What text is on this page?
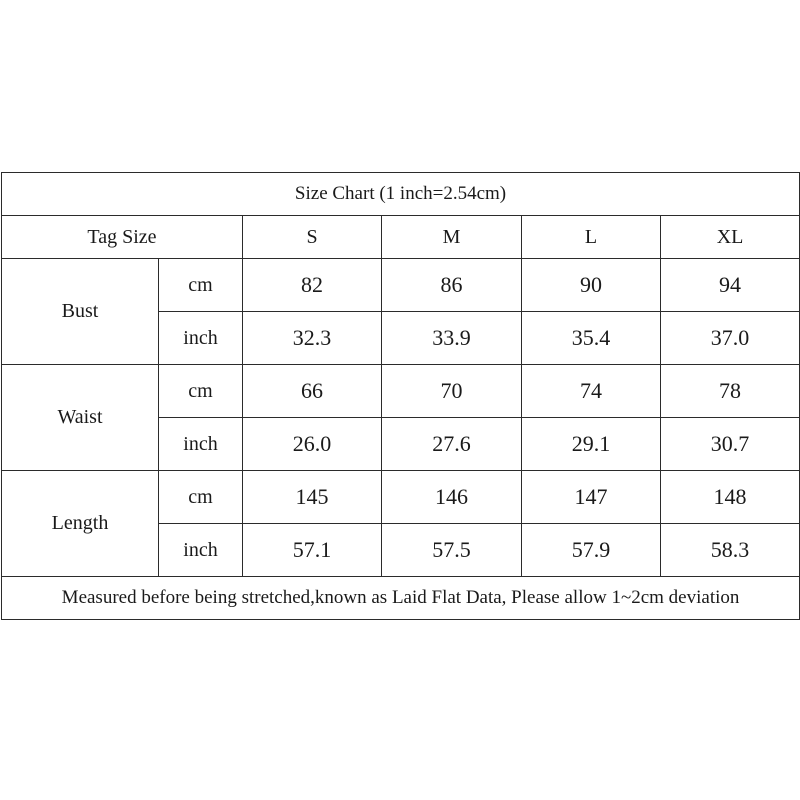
Size Chart (1 inch=2.54cm)					
Tag Size		S	M	L	XL
Bust	cm	82	86	90	94
	inch	32.3	33.9	35.4	37.0
Waist	cm	66	70	74	78
	inch	26.0	27.6	29.1	30.7
Length	cm	145	146	147	148
	inch	57.1	57.5	57.9	58.3
Measured before being stretched,known as Laid Flat Data, Please allow 1~2cm deviation					
